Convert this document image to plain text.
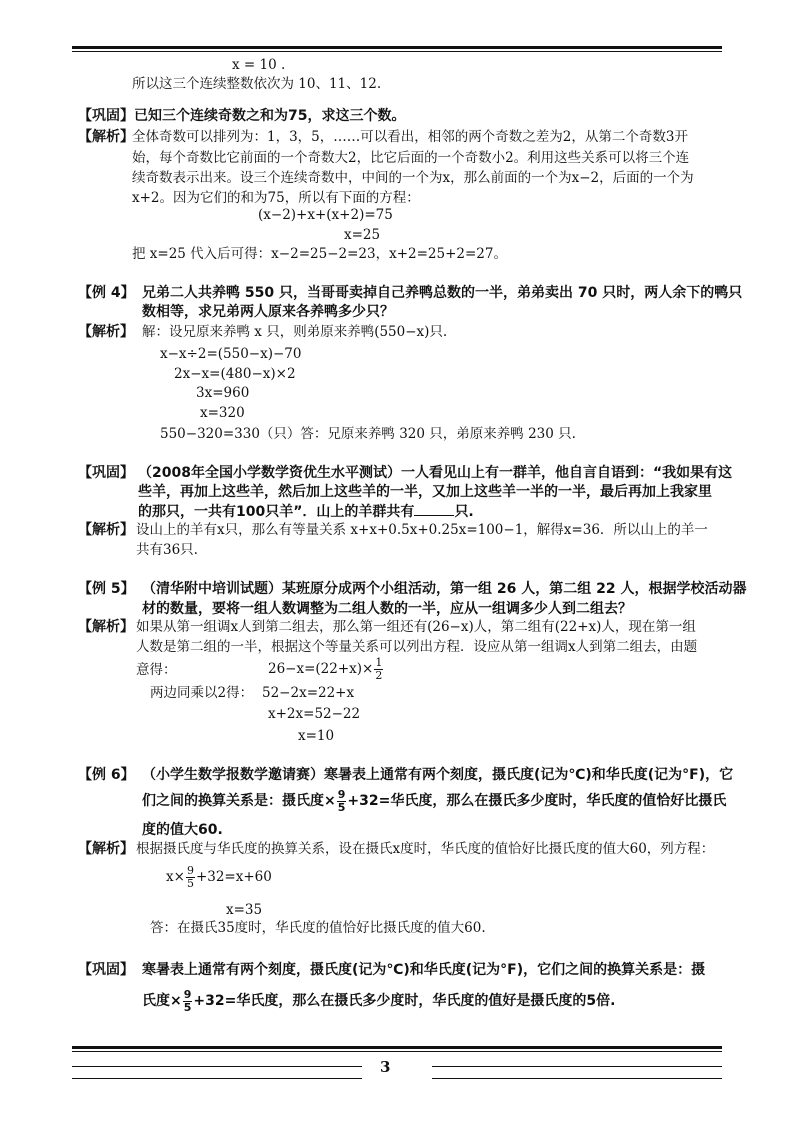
x = 10 .
所以这三个连续整数依次为 10、11、12.
【巩固】已知三个连续奇数之和为75，求这三个数。
【解析】
全体奇数可以排列为：1，3，5，……可以看出，相邻的两个奇数之差为2，从第二个奇数3开
始，每个奇数比它前面的一个奇数大2，比它后面的一个奇数小2。利用这些关系可以将三个连
续奇数表示出来。设三个连续奇数中，中间的一个为x，那么前面的一个为x−2，后面的一个为
x+2。因为它们的和为75，所以有下面的方程：
(x−2)+x+(x+2)=75
x=25
把 x=25 代入后可得：x−2=25−2=23，x+2=25+2=27。
【例 4】 兄弟二人共养鸭 550 只，当哥哥卖掉自己养鸭总数的一半，弟弟卖出 70 只时，两人余下的鸭只
数相等，求兄弟两人原来各养鸭多少只？
【解析】 解：设兄原来养鸭 x 只，则弟原来养鸭(550−x)只.
x−x÷2=(550−x)−70
2x−x=(480−x)×2
3x=960
x=320
550−320=330（只）答：兄原来养鸭 320 只，弟原来养鸭 230 只.
【巩固】 （2008年全国小学数学资优生水平测试）一人看见山上有一群羊，他自言自语到：“我如果有这
些羊，再加上这些羊，然后加上这些羊的一半，又加上这些羊一半的一半，最后再加上我家里
的那只，一共有100只羊”．山上的羊群共有	只.
【解析】 设山上的羊有x只，那么有等量关系 x+x+0.5x+0.25x=100−1，解得x=36．所以山上的羊一
共有36只.
【例 5】 （清华附中培训试题）某班原分成两个小组活动，第一组 26 人，第二组 22 人，根据学校活动器
材的数量，要将一组人数调整为二组人数的一半，应从一组调多少人到二组去？
【解析】 如果从第一组调x人到第二组去，那么第一组还有(26−x)人，第二组有(22+x)人，现在第一组
人数是第二组的一半，根据这个等量关系可以列出方程．设应从第一组调x人到第二组去，由题
意得：	$26-x=(22+x)\times \frac{1}{2}$
两边同乘以2得： 52−2x=22+x
x+2x=52−22
x=10
【例 6】 （小学生数学报数学邀请赛）寒暑表上通常有两个刻度，摄氏度(记为℃)和华氏度(记为°F)，它
们之间的换算关系是：摄氏度× $\frac{9}{5} +32=$华氏度，那么在摄氏多少度时，华氏度的值恰好比摄氏
度的值大60.
【解析】 根据摄氏度与华氏度的换算关系，设在摄氏x度时，华氏度的值恰好比摄氏度的值大60，列方程：
$x\times \frac{9}{5} +32=x+60$
x=35
答：在摄氏35度时，华氏度的值恰好比摄氏度的值大60.
【巩固】 寒暑表上通常有两个刻度，摄氏度(记为℃)和华氏度(记为°F)，它们之间的换算关系是：摄
氏度× $\frac{9}{5} +32=$华氏度，那么在摄氏多少度时，华氏度的值好是摄氏度的5倍.
3
